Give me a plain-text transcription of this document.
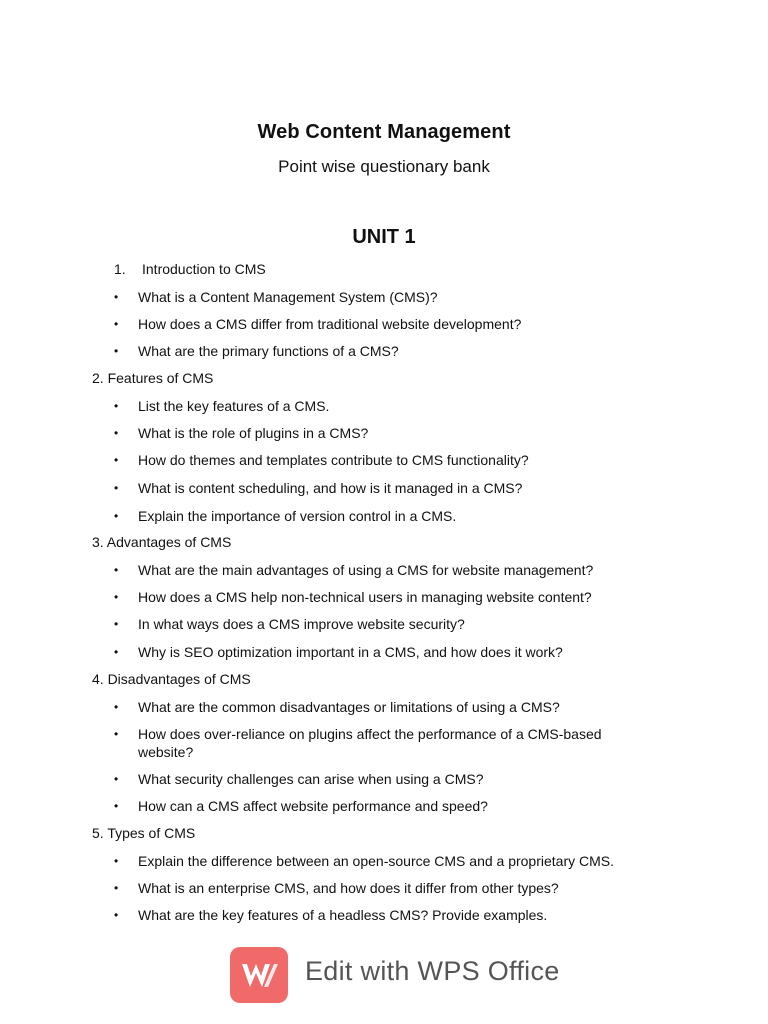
Web Content Management
Point wise questionary bank
UNIT 1
1. Introduction to CMS
• What is a Content Management System (CMS)?
• How does a CMS differ from traditional website development?
• What are the primary functions of a CMS?
2. Features of CMS
• List the key features of a CMS.
• What is the role of plugins in a CMS?
• How do themes and templates contribute to CMS functionality?
• What is content scheduling, and how is it managed in a CMS?
• Explain the importance of version control in a CMS.
3. Advantages of CMS
• What are the main advantages of using a CMS for website management?
• How does a CMS help non-technical users in managing website content?
• In what ways does a CMS improve website security?
• Why is SEO optimization important in a CMS, and how does it work?
4. Disadvantages of CMS
• What are the common disadvantages or limitations of using a CMS?
• How does over-reliance on plugins affect the performance of a CMS-based website?
• What security challenges can arise when using a CMS?
• How can a CMS affect website performance and speed?
5. Types of CMS
• Explain the difference between an open-source CMS and a proprietary CMS.
• What is an enterprise CMS, and how does it differ from other types?
• What are the key features of a headless CMS? Provide examples.
Edit with WPS Office
